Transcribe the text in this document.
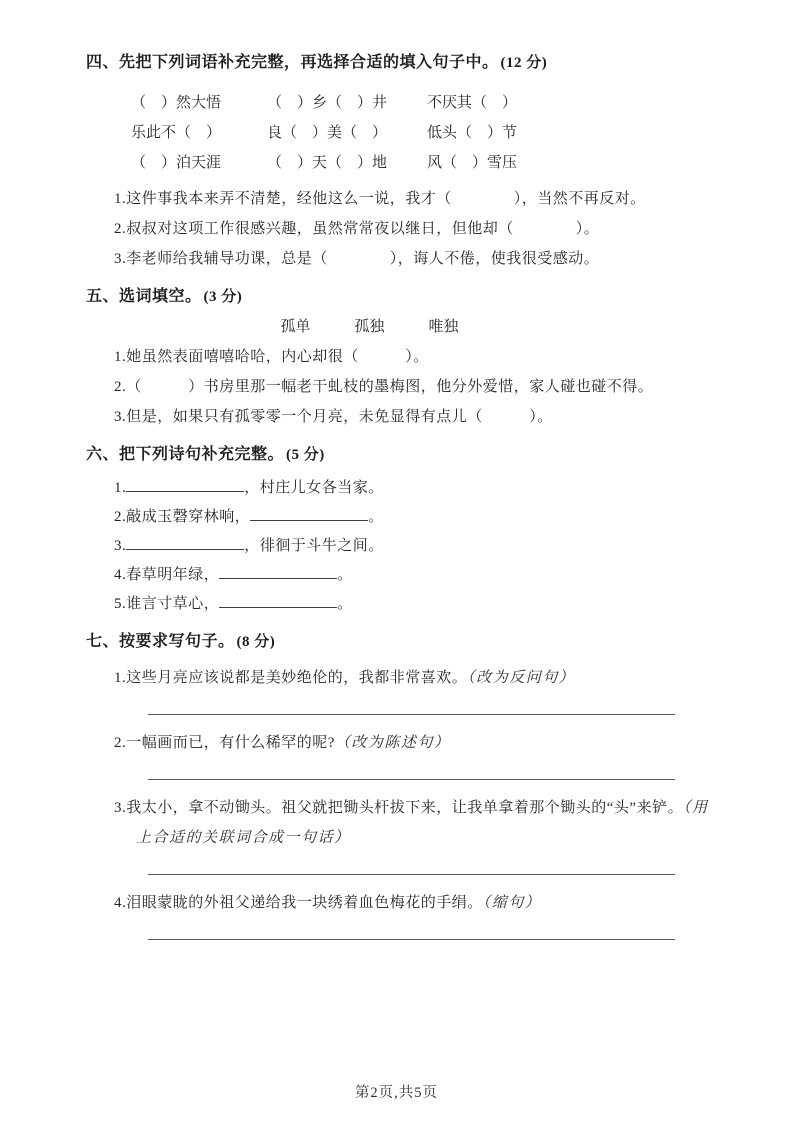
四、先把下列词语补充完整，再选择合适的填入句子中。 (12 分)
（　）然大悟	（　）乡（　）井	不厌其（　）
乐此不（　）	良（　）美（　）	低头（　）节
（　）泊天涯	（　）天（　）地	风（　）雪压

1.这件事我本来弄不清楚，经他这么一说，我才（　　　　），当然不再反对。

2.叔叔对这项工作很感兴趣，虽然常常夜以继日，但他却（　　　　）。

3.李老师给我辅导功课，总是（　　　　），诲人不倦，使我很受感动。

五、选词填空。 (3 分)
孤单	孤独	唯独

1.她虽然表面嘻嘻哈哈，内心却很（　　　）。

2.（　　　）书房里那一幅老干虬枝的墨梅图，他分外爱惜，家人碰也碰不得。

3.但是，如果只有孤零零一个月亮，未免显得有点儿（　　　）。

六、把下列诗句补充完整。 (5 分)

1.	，村庄儿女各当家。

2.敲成玉磬穿林响，	。

3.	，徘徊于斗牛之间。

4.春草明年绿，	。

5.谁言寸草心，	。

七、按要求写句子。 (8 分)

1.这些月亮应该说都是美妙绝伦的，我都非常喜欢。（改为反问句）

2.一幅画而已，有什么稀罕的呢?（改为陈述句）

3.我太小，拿不动锄头。祖父就把锄头杆拔下来，让我单拿着那个锄头的“头”来铲。（用上合适的关联词合成一句话）

4.泪眼蒙眬的外祖父递给我一块绣着血色梅花的手绢。（缩句）

第2页,共5页
